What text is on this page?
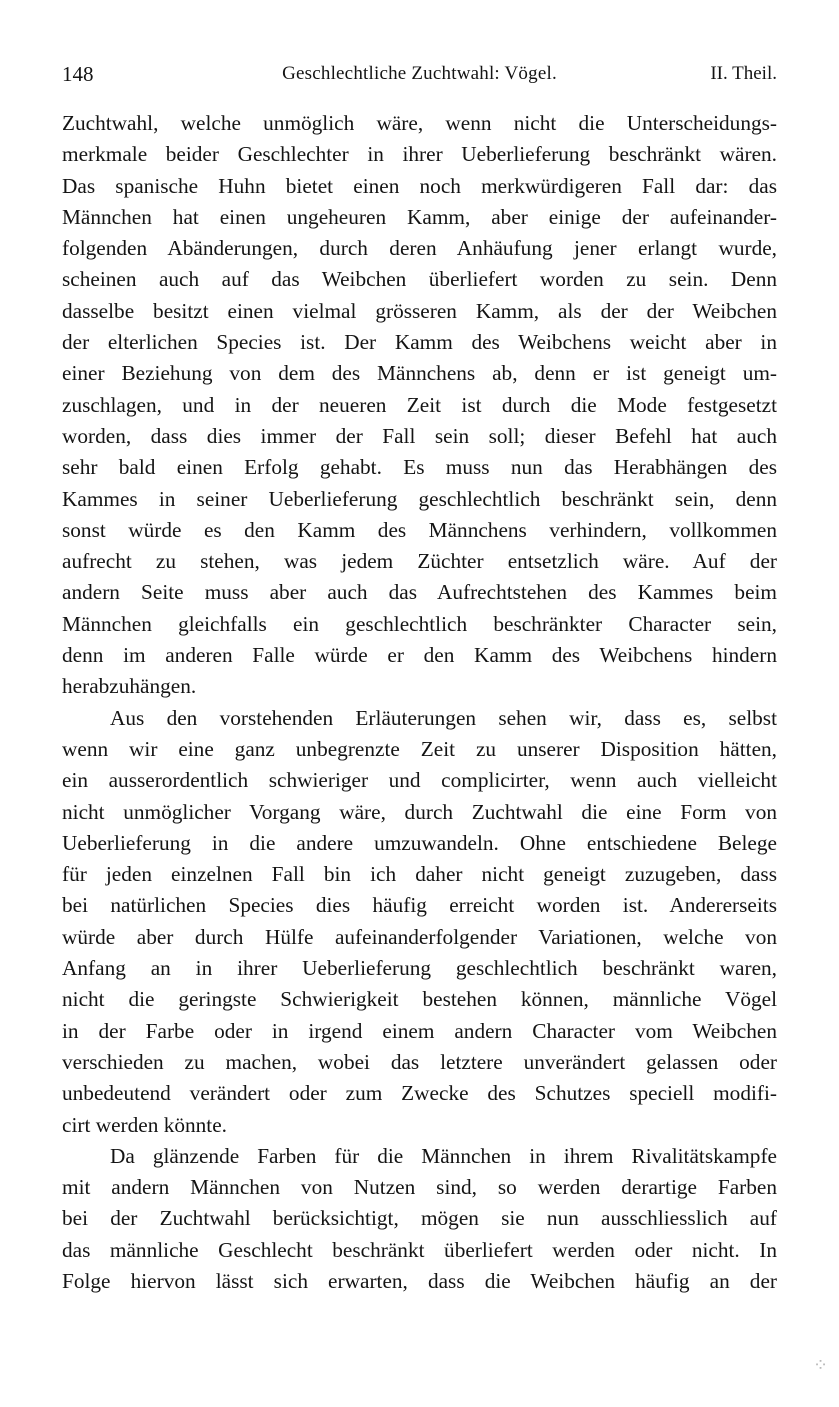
148	Geschlechtliche Zuchtwahl: Vögel.	II. Theil.
Zuchtwahl, welche unmöglich wäre, wenn nicht die Unterscheidungs-
merkmale beider Geschlechter in ihrer Ueberlieferung beschränkt wären.
Das spanische Huhn bietet einen noch merkwürdigeren Fall dar: das
Männchen hat einen ungeheuren Kamm, aber einige der aufeinander-
folgenden Abänderungen, durch deren Anhäufung jener erlangt wurde,
scheinen auch auf das Weibchen überliefert worden zu sein. Denn
dasselbe besitzt einen vielmal grösseren Kamm, als der der Weibchen
der elterlichen Species ist. Der Kamm des Weibchens weicht aber in
einer Beziehung von dem des Männchens ab, denn er ist geneigt um-
zuschlagen, und in der neueren Zeit ist durch die Mode festgesetzt
worden, dass dies immer der Fall sein soll; dieser Befehl hat auch
sehr bald einen Erfolg gehabt. Es muss nun das Herabhängen des
Kammes in seiner Ueberlieferung geschlechtlich beschränkt sein, denn
sonst würde es den Kamm des Männchens verhindern, vollkommen
aufrecht zu stehen, was jedem Züchter entsetzlich wäre. Auf der
andern Seite muss aber auch das Aufrechtstehen des Kammes beim
Männchen gleichfalls ein geschlechtlich beschränkter Character sein,
denn im anderen Falle würde er den Kamm des Weibchens hindern
herabzuhängen.
Aus den vorstehenden Erläuterungen sehen wir, dass es, selbst
wenn wir eine ganz unbegrenzte Zeit zu unserer Disposition hätten,
ein ausserordentlich schwieriger und complicirter, wenn auch vielleicht
nicht unmöglicher Vorgang wäre, durch Zuchtwahl die eine Form von
Ueberlieferung in die andere umzuwandeln. Ohne entschiedene Belege
für jeden einzelnen Fall bin ich daher nicht geneigt zuzugeben, dass
bei natürlichen Species dies häufig erreicht worden ist. Andererseits
würde aber durch Hülfe aufeinanderfolgender Variationen, welche von
Anfang an in ihrer Ueberlieferung geschlechtlich beschränkt waren,
nicht die geringste Schwierigkeit bestehen können, männliche Vögel
in der Farbe oder in irgend einem andern Character vom Weibchen
verschieden zu machen, wobei das letztere unverändert gelassen oder
unbedeutend verändert oder zum Zwecke des Schutzes speciell modifi-
cirt werden könnte.
Da glänzende Farben für die Männchen in ihrem Rivalitätskampfe
mit andern Männchen von Nutzen sind, so werden derartige Farben
bei der Zuchtwahl berücksichtigt, mögen sie nun ausschliesslich auf
das männliche Geschlecht beschränkt überliefert werden oder nicht. In
Folge hiervon lässt sich erwarten, dass die Weibchen häufig an der
⁘
